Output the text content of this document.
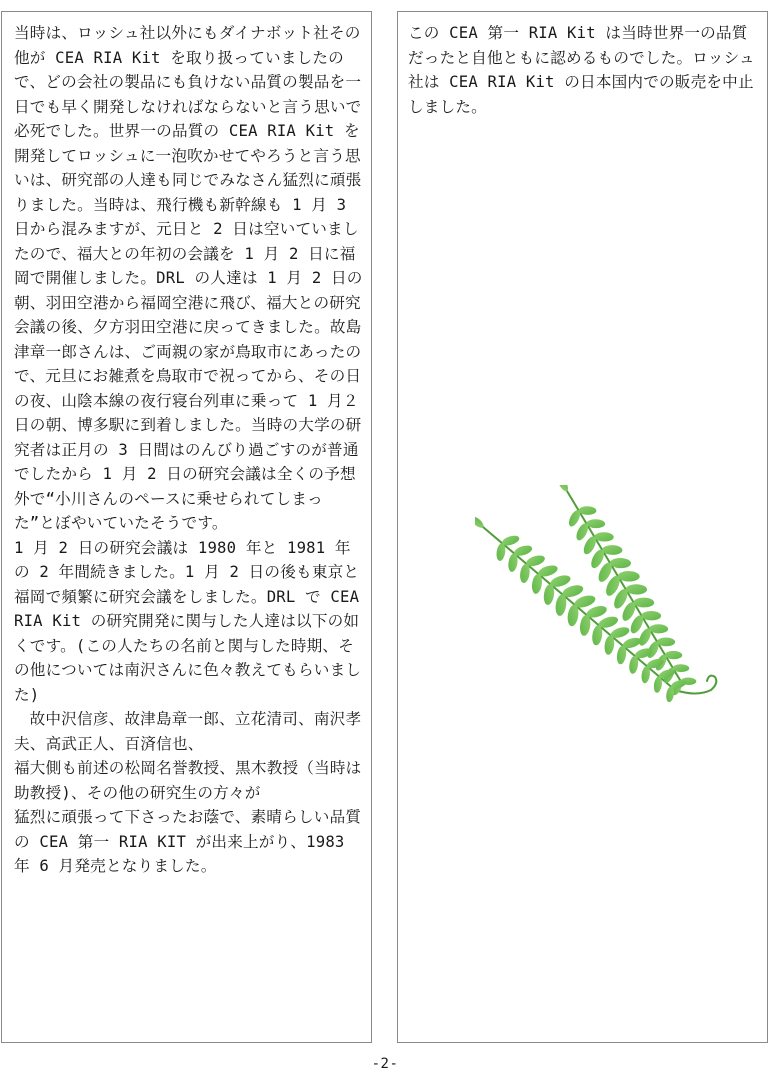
当時は、ロッシュ社以外にもダイナボット社その他が CEA RIA Kit を取り扱っていましたので、どの会社の製品にも負けない品質の製品を一日でも早く開発しなければならないと言う思いで必死でした。世界一の品質の CEA RIA Kit を開発してロッシュに一泡吹かせてやろうと言う思いは、研究部の人達も同じでみなさん猛烈に頑張りました。当時は、飛行機も新幹線も 1 月 3 日から混みますが、元日と 2 日は空いていましたので、福大との年初の会議を 1 月 2 日に福岡で開催しました。DRL の人達は 1 月 2 日の朝、羽田空港から福岡空港に飛び、福大との研究会議の後、夕方羽田空港に戻ってきました。故島津章一郎さんは、ご両親の家が鳥取市にあったので、元旦にお雑煮を鳥取市で祝ってから、その日の夜、山陰本線の夜行寝台列車に乗って 1 月２日の朝、博多駅に到着しました。当時の大学の研究者は正月の 3 日間はのんびり過ごすのが普通でしたから 1 月 2 日の研究会議は全くの予想外で“小川さんのペースに乗せられてしまった”とぼやいていたそうです。

1 月 2 日の研究会議は 1980 年と 1981 年の 2 年間続きました。1 月 2 日の後も東京と福岡で頻繁に研究会議をしました。DRL で CEA RIA Kit の研究開発に関与した人達は以下の如くです。(この人たちの名前と関与した時期、その他については南沢さんに色々教えてもらいました)

故中沢信彦、故津島章一郎、立花清司、南沢孝夫、高武正人、百済信也、

福大側も前述の松岡名誉教授、黒木教授（当時は助教授)、その他の研究生の方々が

猛烈に頑張って下さったお蔭で、素晴らしい品質の CEA 第一 RIA KIT が出来上がり、1983 年 6 月発売となりました。

この CEA 第一 RIA Kit は当時世界一の品質だったと自他ともに認めるものでした。ロッシュ社は CEA RIA Kit の日本国内での販売を中止しました。

-2-
